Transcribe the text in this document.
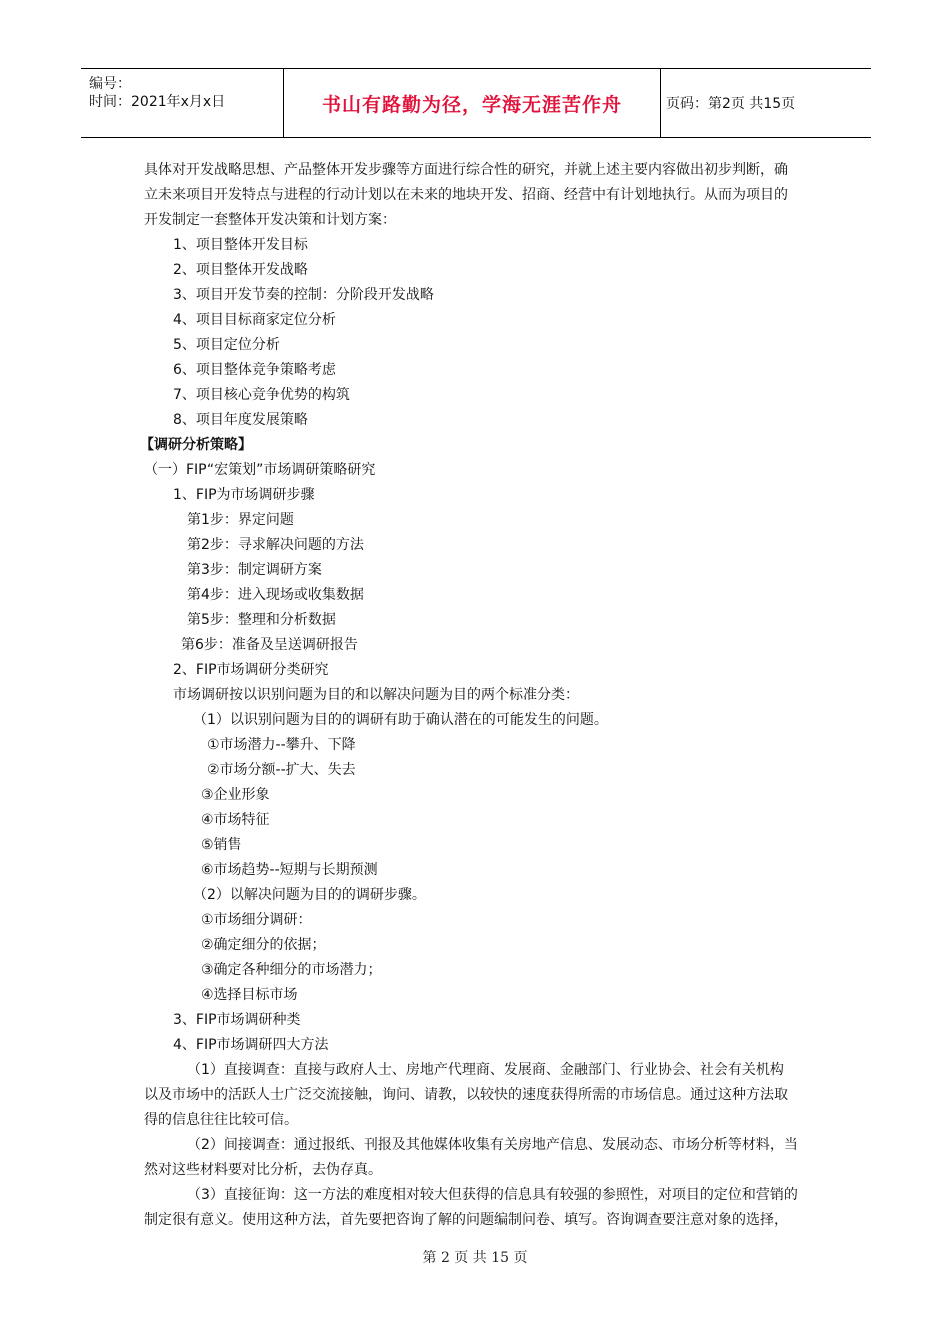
编号：
时间：2021年x月x日	书山有路勤为径，学海无涯苦作舟	页码：第2页 共15页
具体对开发战略思想、产品整体开发步骤等方面进行综合性的研究，并就上述主要内容做出初步判断，确
立未来项目开发特点与进程的行动计划以在未来的地块开发、招商、经营中有计划地执行。从而为项目的
开发制定一套整体开发决策和计划方案：
1、项目整体开发目标
2、项目整体开发战略
3、项目开发节奏的控制：分阶段开发战略
4、项目目标商家定位分析
5、项目定位分析
6、项目整体竞争策略考虑
7、项目核心竞争优势的构筑
8、项目年度发展策略
【调研分析策略】
（一）FIP“宏策划”市场调研策略研究
1、FIP为市场调研步骤
第1步：界定问题
第2步：寻求解决问题的方法
第3步：制定调研方案
第4步：进入现场或收集数据
第5步：整理和分析数据
第6步：准备及呈送调研报告
2、FIP市场调研分类研究
市场调研按以识别问题为目的和以解决问题为目的两个标准分类：
（1）以识别问题为目的的调研有助于确认潜在的可能发生的问题。
①市场潜力--攀升、下降
②市场分额--扩大、失去
③企业形象
④市场特征
⑤销售
⑥市场趋势--短期与长期预测
（2）以解决问题为目的的调研步骤。
①市场细分调研：
②确定细分的依据；
③确定各种细分的市场潜力；
④选择目标市场
3、FIP市场调研种类
4、FIP市场调研四大方法
（1）直接调查：直接与政府人士、房地产代理商、发展商、金融部门、行业协会、社会有关机构
以及市场中的活跃人士广泛交流接触，询问、请教，以较快的速度获得所需的市场信息。通过这种方法取
得的信息往往比较可信。
（2）间接调查：通过报纸、刊报及其他媒体收集有关房地产信息、发展动态、市场分析等材料，当
然对这些材料要对比分析，去伪存真。
（3）直接征询：这一方法的难度相对较大但获得的信息具有较强的参照性，对项目的定位和营销的
制定很有意义。使用这种方法，首先要把咨询了解的问题编制问卷、填写。咨询调查要注意对象的选择，
第 2 页 共 15 页
